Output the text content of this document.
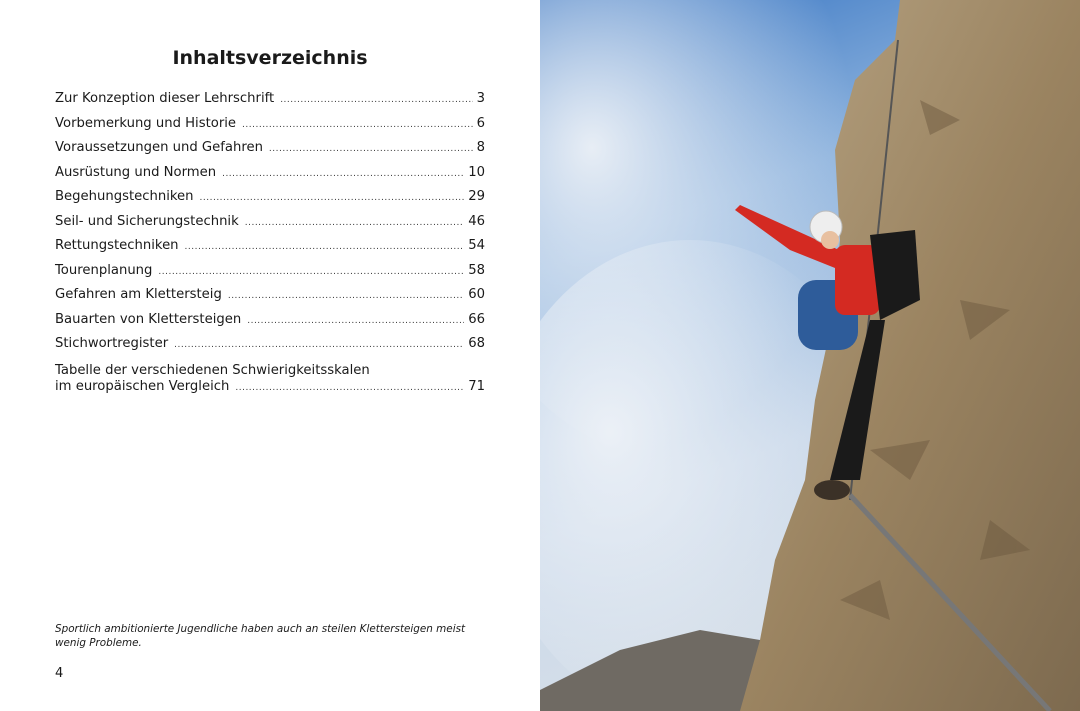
Inhaltsverzeichnis
Zur Konzeption dieser Lehrschrift .....	3
Vorbemerkung und Historie .....	6
Voraussetzungen und Gefahren .....	8
Ausrüstung und Normen .....	10
Begehungstechniken .....	29
Seil- und Sicherungstechnik .....	46
Rettungstechniken .....	54
Tourenplanung .....	58
Gefahren am Klettersteig .....	60
Bauarten von Klettersteigen .....	66
Stichwortregister .....	68
Tabelle der verschiedenen Schwierigkeitsskalen
im europäischen Vergleich .....	71
Sportlich ambitionierte Jugendliche haben auch an steilen Klettersteigen meist wenig Probleme.
4
